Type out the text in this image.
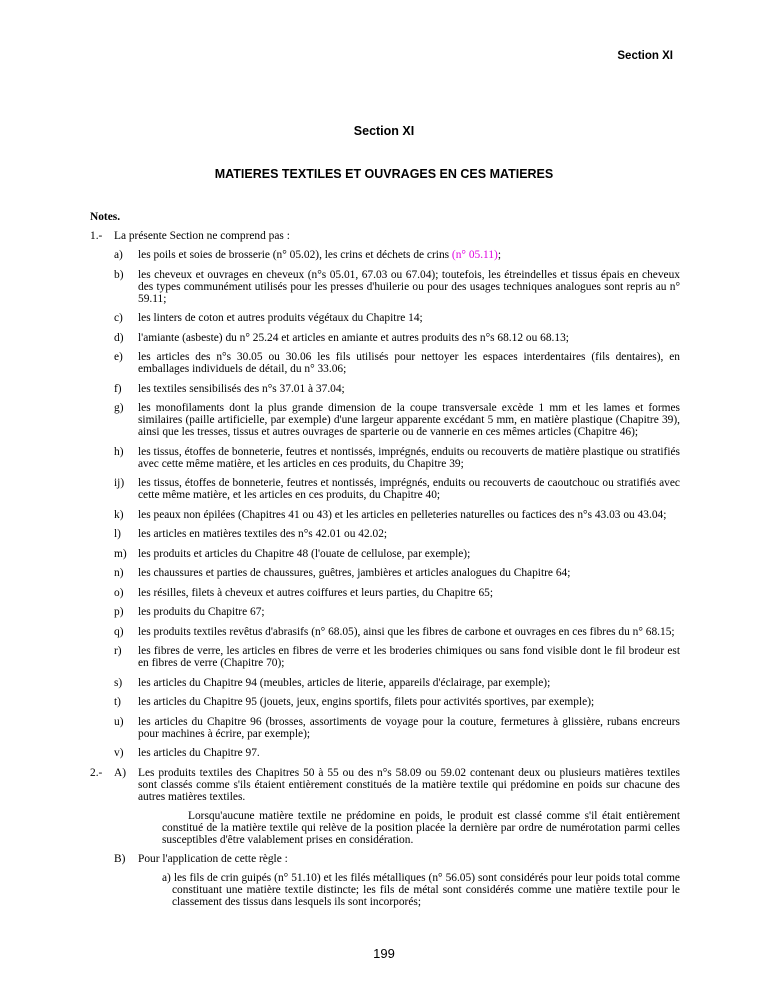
Section XI
Section XI
MATIERES TEXTILES ET OUVRAGES EN CES MATIERES
Notes.
1.-	La présente Section ne comprend pas :
a)	les poils et soies de brosserie (n° 05.02), les crins et déchets de crins (n° 05.11);
b)	les cheveux et ouvrages en cheveux (n°s 05.01, 67.03 ou 67.04); toutefois, les étreindelles et tissus épais en cheveux des types communément utilisés pour les presses d'huilerie ou pour des usages techniques analogues sont repris au n° 59.11;
c)	les linters de coton et autres produits végétaux du Chapitre 14;
d)	l'amiante (asbeste) du n° 25.24 et articles en amiante et autres produits des n°s 68.12 ou 68.13;
e)	les articles des n°s 30.05 ou 30.06 les fils utilisés pour nettoyer les espaces interdentaires (fils dentaires), en emballages individuels de détail, du n° 33.06;
f)	les textiles sensibilisés des n°s 37.01 à 37.04;
g)	les monofilaments dont la plus grande dimension de la coupe transversale excède 1 mm et les lames et formes similaires (paille artificielle, par exemple) d'une largeur apparente excédant 5 mm, en matière plastique (Chapitre 39), ainsi que les tresses, tissus et autres ouvrages de sparterie ou de vannerie en ces mêmes articles (Chapitre 46);
h)	les tissus, étoffes de bonneterie, feutres et nontissés, imprégnés, enduits ou recouverts de matière plastique ou stratifiés avec cette même matière, et les articles en ces produits, du Chapitre 39;
ij)	les tissus, étoffes de bonneterie, feutres et nontissés, imprégnés, enduits ou recouverts de caoutchouc ou stratifiés avec cette même matière, et les articles en ces produits, du Chapitre 40;
k)	les peaux non épilées (Chapitres 41 ou 43) et les articles en pelleteries naturelles ou factices des n°s 43.03 ou 43.04;
l)	les articles en matières textiles des n°s 42.01 ou 42.02;
m) les produits et articles du Chapitre 48 (l'ouate de cellulose, par exemple);
n)	les chaussures et parties de chaussures, guêtres, jambières et articles analogues du Chapitre 64;
o)	les résilles, filets à cheveux et autres coiffures et leurs parties, du Chapitre 65;
p)	les produits du Chapitre 67;
q)	les produits textiles revêtus d'abrasifs (n° 68.05), ainsi que les fibres de carbone et ouvrages en ces fibres du n° 68.15;
r)	les fibres de verre, les articles en fibres de verre et les broderies chimiques ou sans fond visible dont le fil brodeur est en fibres de verre (Chapitre 70);
s)	les articles du Chapitre 94 (meubles, articles de literie, appareils d'éclairage, par exemple);
t)	les articles du Chapitre 95 (jouets, jeux, engins sportifs, filets pour activités sportives, par exemple);
u)	les articles du Chapitre 96 (brosses, assortiments de voyage pour la couture, fermetures à glissière, rubans encreurs pour machines à écrire, par exemple);
v)	les articles du Chapitre 97.
2.-	A)	Les produits textiles des Chapitres 50 à 55 ou des n°s 58.09 ou 59.02 contenant deux ou plusieurs matières textiles sont classés comme s'ils étaient entièrement constitués de la matière textile qui prédomine en poids sur chacune des autres matières textiles.
Lorsqu'aucune matière textile ne prédomine en poids, le produit est classé comme s'il était entièrement constitué de la matière textile qui relève de la position placée la dernière par ordre de numérotation parmi celles susceptibles d'être valablement prises en considération.
B)	Pour l'application de cette règle :
a) les fils de crin guipés (n° 51.10) et les filés métalliques (n° 56.05) sont considérés pour leur poids total comme constituant une matière textile distincte; les fils de métal sont considérés comme une matière textile pour le classement des tissus dans lesquels ils sont incorporés;
199
